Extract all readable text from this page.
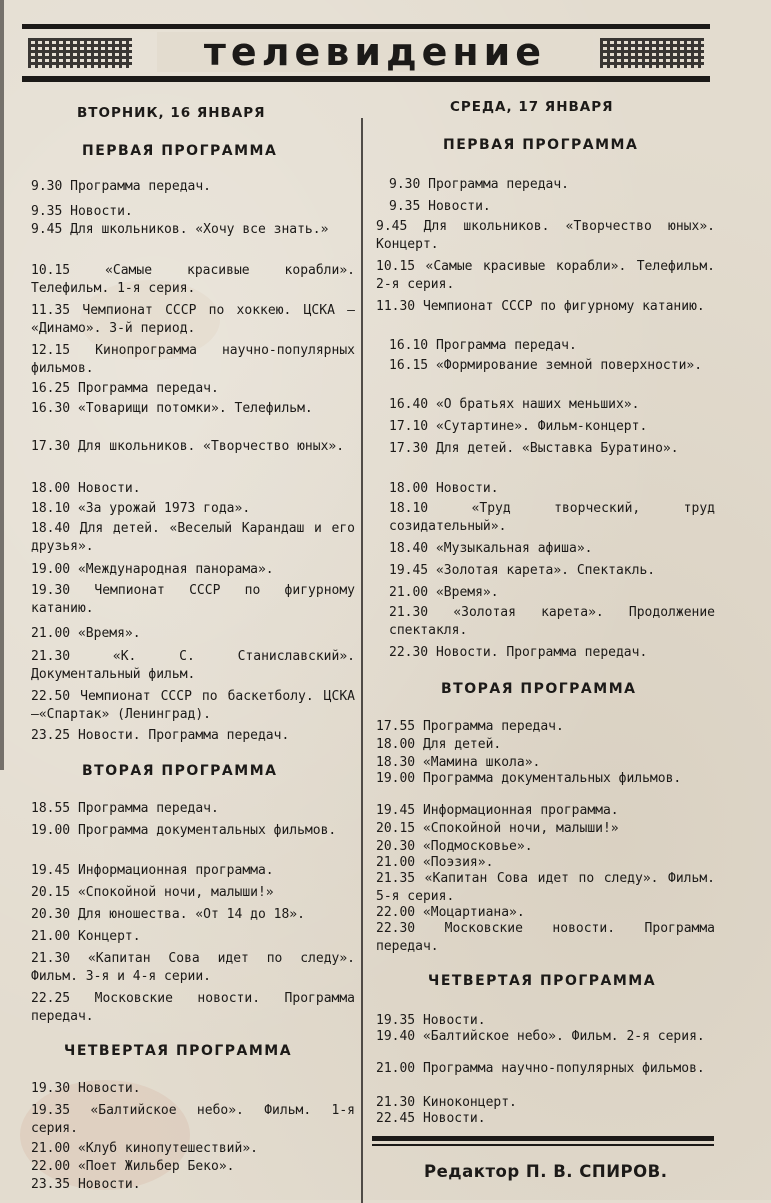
телевидение
ВТОРНИК, 16 ЯНВАРЯ
ПЕРВАЯ ПРОГРАММА
9.30 Программа передач.
9.35 Новости.
9.45 Для школьников. «Хочу все знать.»
10.15 «Самые красивые корабли». Телефильм. 1-я серия.
11.35 Чемпионат СССР по хоккею. ЦСКА — «Динамо». 3-й период.
12.15 Кинопрограмма научно-популярных фильмов.
16.25 Программа передач.
16.30 «Товарищи потомки». Телефильм.
17.30 Для школьников. «Творчество юных».
18.00 Новости.
18.10 «За урожай 1973 года».
18.40 Для детей. «Веселый Карандаш и его друзья».
19.00 «Международная панорама».
19.30 Чемпионат СССР по фигурному катанию.
21.00 «Время».
21.30 «К. С. Станиславский». Документальный фильм.
22.50 Чемпионат СССР по баскетболу. ЦСКА—«Спартак» (Ленинград).
23.25 Новости. Программа передач.
ВТОРАЯ ПРОГРАММА
18.55 Программа передач.
19.00 Программа документальных фильмов.
19.45 Информационная программа.
20.15 «Спокойной ночи, малыши!»
20.30 Для юношества. «От 14 до 18».
21.00 Концерт.
21.30 «Капитан Сова идет по следу». Фильм. 3-я и 4-я серии.
22.25 Московские новости. Программа передач.
ЧЕТВЕРТАЯ ПРОГРАММА
19.30 Новости.
19.35 «Балтийское небо». Фильм. 1-я серия.
21.00 «Клуб кинопутешествий».
22.00 «Поет Жильбер Беко».
23.35 Новости.
СРЕДА, 17 ЯНВАРЯ
ПЕРВАЯ ПРОГРАММА
9.30 Программа передач.
9.35 Новости.
9.45 Для школьников. «Творчество юных». Концерт.
10.15 «Самые красивые корабли». Телефильм. 2-я серия.
11.30 Чемпионат СССР по фигурному катанию.
16.10 Программа передач.
16.15 «Формирование земной поверхности».
16.40 «О братьях наших меньших».
17.10 «Сутартине». Фильм-концерт.
17.30 Для детей. «Выставка Буратино».
18.00 Новости.
18.10 «Труд творческий, труд созидательный».
18.40 «Музыкальная афиша».
19.45 «Золотая карета». Спектакль.
21.00 «Время».
21.30 «Золотая карета». Продолжение спектакля.
22.30 Новости. Программа передач.
ВТОРАЯ ПРОГРАММА
17.55 Программа передач.
18.00 Для детей.
18.30 «Мамина школа».
19.00 Программа документальных фильмов.
19.45 Информационная программа.
20.15 «Спокойной ночи, малыши!»
20.30 «Подмосковье».
21.00 «Поэзия».
21.35 «Капитан Сова идет по следу». Фильм. 5-я серия.
22.00 «Моцартиана».
22.30 Московские новости. Программа передач.
ЧЕТВЕРТАЯ ПРОГРАММА
19.35 Новости.
19.40 «Балтийское небо». Фильм. 2-я серия.
21.00 Программа научно-популярных фильмов.
21.30 Киноконцерт.
22.45 Новости.
Редактор П. В. СПИРОВ.
